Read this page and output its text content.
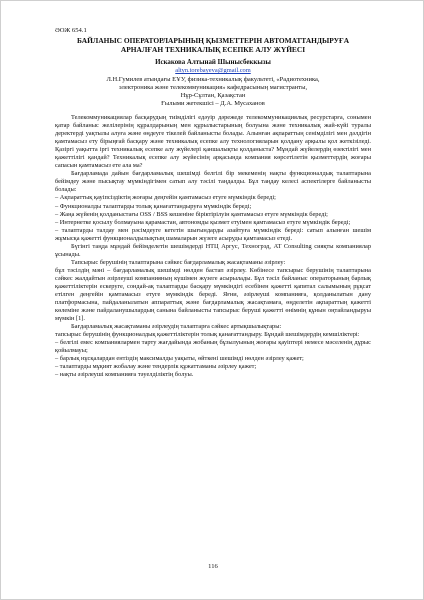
ӘОЖ 654.1

БАЙЛАНЫС ОПЕРАТОРЛАРЫНЫҢ ҚЫЗМЕТТЕРІН АВТОМАТТАНДЫРУҒА
АРНАЛҒАН ТЕХНИКАЛЫҚ ЕСЕПКЕ АЛУ ЖҮЙЕСІ

Искакова Алтынай Шынысбеккызы

altyn.torebayeva@gmail.com

Л.Н.Гумилев атындағы ЕҰУ, физика-техникалық факультеті, «Радиотехника,

электроника және телекоммуникация» кафедрасының магистранты,

Нұр-Сұлтан, Қазақстан

Ғылыми жетекшісі – Д.А. Мусаханов

Телекоммуникациялар басқарудың тиімділігі едәуір дәрежеде телекоммуникациялық ресурстарға, сонымен қатар байланыс желілерінің құралдарының мен құрылыстарының болуына және техникалық жай-күйі туралы деректерді уақтылы алуға және өңдеуге тікелей байланысты болады. Алынған ақпараттың сенімділігі мен дәлдігін қамтамасыз ету бірыңғай басқару және техникалық есепке алу технологияларын қолдану арқылы қол жеткізіледі. Қазіргі уақытта іргі техникалық есепке алу жүйелері қаншалықты қолданыста? Мұндай жүйелердің өзектілігі мен қажеттілігі қандай? Техникалық есепке алу жүйесінің арқасында компания көрсетілетін қызметтердің жоғары сапасын қамтамасыз ете ала ма?

Бағдарламада дайын бағдарламалық шешімді белгілі бір мекеменің нақты функционалдық талаптарына бейімдеу және пысықтау мүмкіндігімен сатып алу тәсілі таңдалды. Бұл таңдау келесі аспектілерге байланысты болады:

– Ақпараттық қауіпсіздіктің жоғары деңгейін қамтамасыз етуге мүмкіндік береді;

– Функционалды талаптарды толық қанағаттандыруға мүмкіндік береді;

– Жаңа жүйенің қолданыстағы OSS / BSS кешеніне біріктірілуін қамтамасыз етуге мүмкіндік береді;

– Интернетке қосылу болмауына қарамастан, автономды қызмет етуімен қамтамасыз етуге мүмкіндік береді;

– талаптарды талдау мен рәсімдеуге кететін шығындарды азайтуға мүмкіндік береді: сатып алынған шешім жұмысқа қажетті функционалдылықтың шамаларын жүзеге асыруды қамтамасыз етеді.

Бүгінгі таңда мұндай бейімделетін шешімдерді НТЦ Аргус, Техногрэд, AT Consulting сияқты компаниялар ұсынады.

Тапсырыс берушінің талаптарына сәйкес бағдарламалық жасақтаманы әзірлеу:

бұл тәсілдің мәні – бағдарламалық шешімді нөлден бастап әзірлеу. Көбінесе тапсырыс берушінің талаптарына сәйкес жалдайтын әзірлеуші компанияның күшімен жүзеге асырылады. Бұл тәсіл байланыс операторының барлық қажеттіліктерін ескеруге, сондай-ақ талаптарды басқару мүмкіндігі есебінен қажетті қапитал салымының рұқсат етілген деңгейін қамтамасыз етуге мүмкіндік береді. Яғни, әзірлеуші компанияға, қолданылатын дану платформасына, пайдаланылатын аппараттық және бағдарламалық жасақтамаға, өңделетін ақпараттың қажетті көлеміне және пайдаланушылардың санына байланысты тапсырыс беруші қажетті өнімнің құнын оңтайландыруы мүмкін [1].

Бағдарламалық жасақтаманы әзірлеудің талаптарға сәйкес артықшылықтары:

тапсырыс берушінің функционалдық қажеттіліктерін толық қанағаттандыру. Бұндай шешімдердің кемшіліктері:

– белгілі емес компаниялармен тарту жағдайында жобаның бұзылуының жоғары қауіптері немесе мәселенің дұрыс қойылмауы;

– барлық нұсқалардан ентіздің максималды уақыты, өйткені шешімді нөлден әзірлеу қажет;

– талаптарды мұқият жобалау және тендерлік құжаттаманы әзірлеу қажет;

– нақты әзірлеуші компанияға тәуелділіктің болуы.

116
